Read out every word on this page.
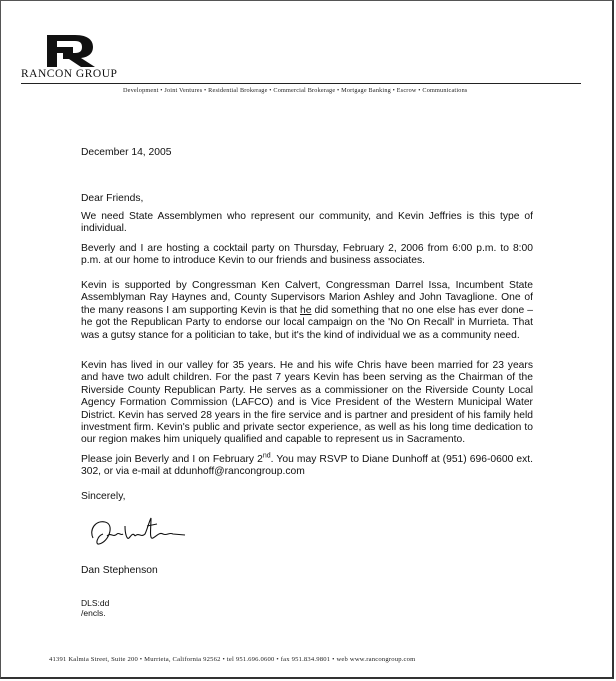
RANCON GROUP
Development • Joint Ventures • Residential Brokerage • Commercial Brokerage • Mortgage Banking • Escrow • Communications
December 14, 2005
Dear Friends,
We need State Assemblymen who represent our community, and Kevin Jeffries is this type of individual.
Beverly and I are hosting a cocktail party on Thursday, February 2, 2006 from 6:00 p.m. to 8:00 p.m. at our home to introduce Kevin to our friends and business associates.
Kevin is supported by Congressman Ken Calvert, Congressman Darrel Issa, Incumbent State Assemblyman Ray Haynes and, County Supervisors Marion Ashley and John Tavaglione. One of the many reasons I am supporting Kevin is that he did something that no one else has ever done – he got the Republican Party to endorse our local campaign on the 'No On Recall' in Murrieta. That was a gutsy stance for a politician to take, but it's the kind of individual we as a community need.
Kevin has lived in our valley for 35 years. He and his wife Chris have been married for 23 years and have two adult children. For the past 7 years Kevin has been serving as the Chairman of the Riverside County Republican Party. He serves as a commissioner on the Riverside County Local Agency Formation Commission (LAFCO) and is Vice President of the Western Municipal Water District. Kevin has served 28 years in the fire service and is partner and president of his family held investment firm. Kevin's public and private sector experience, as well as his long time dedication to our region makes him uniquely qualified and capable to represent us in Sacramento.
Please join Beverly and I on February 2nd. You may RSVP to Diane Dunhoff at (951) 696-0600 ext. 302, or via e-mail at ddunhoff@rancongroup.com
Sincerely,
Dan Stephenson
DLS:dd
/encls.
41391 Kalmia Street, Suite 200 • Murrieta, California 92562 • tel 951.696.0600 • fax 951.834.9801 • web www.rancongroup.com
